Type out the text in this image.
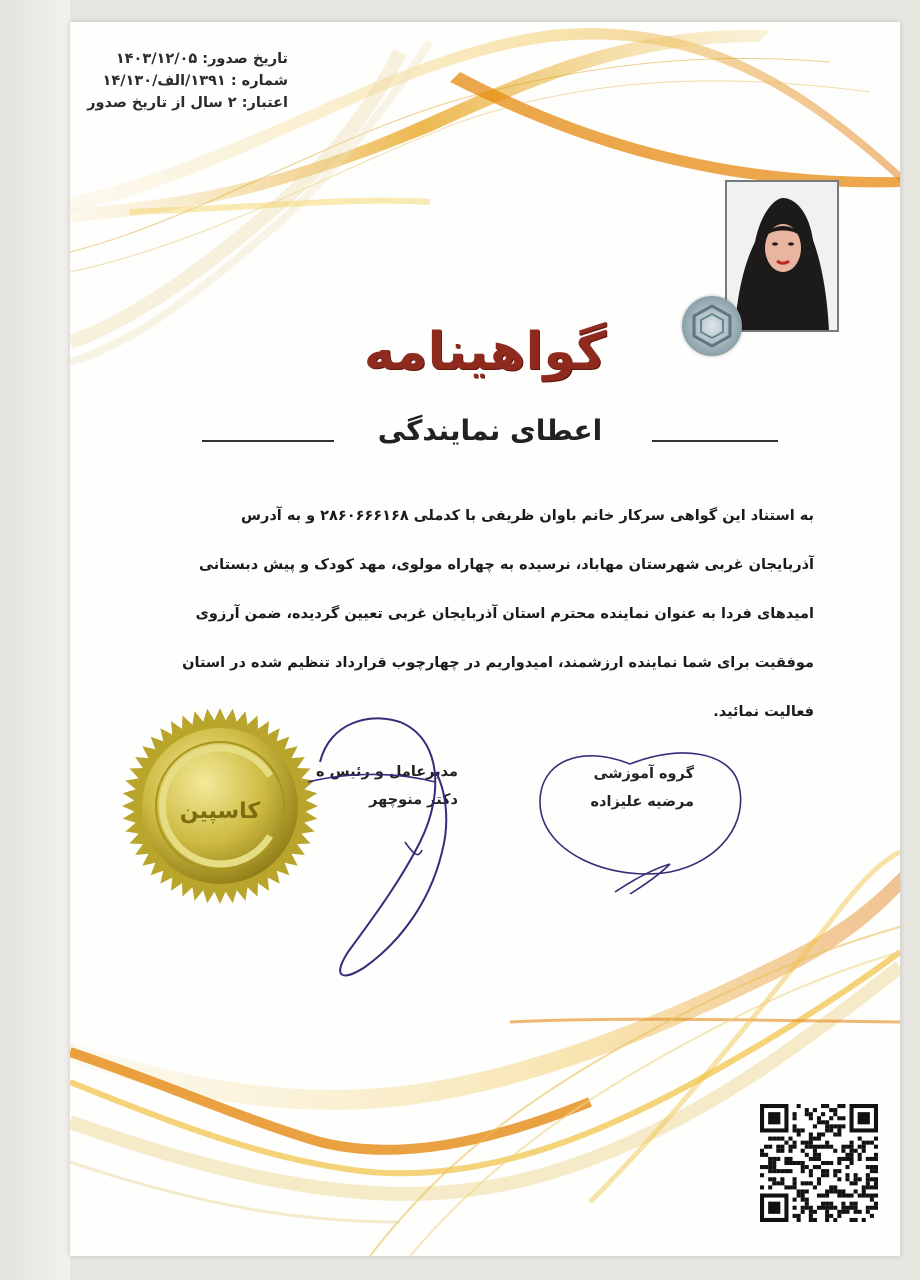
تاریخ صدور: ۱۴۰۳/۱۲/۰۵
شماره : ۱۳۹۱/الف/۱۴/۱۳۰
اعتبار: ۲ سال از تاریخ صدور
گواهینامه
اعطای نمایندگی
به استناد این گواهی سرکار خانم باوان ظریفی با کدملی ۲۸۶۰۶۶۶۱۶۸ و به آدرس
آذربایجان غربی شهرستان مهاباد، نرسیده به چهاراه مولوی، مهد کودک و پیش دبستانی
امیدهای فردا به عنوان نماینده محترم استان آذربایجان غربی تعیین گردیده، ضمن آرزوی
موفقیت برای شما نماینده ارزشمند، امیدواریم در چهارچوب قرارداد تنظیم شده در استان
فعالیت نمائید.
کاسپین
مدیرعامل و رئیس ه
دکتر منوچهر
گروه آموزشی
مرضیه علیزاده
